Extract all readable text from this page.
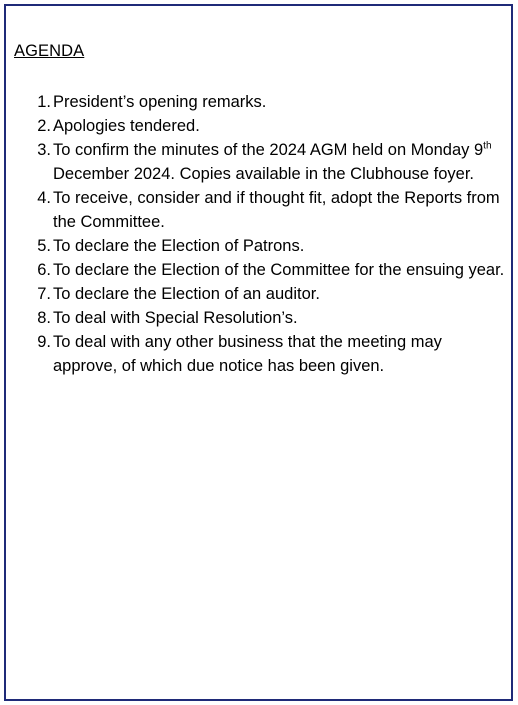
AGENDA
1 . President’s opening remarks.
2 . Apologies tendered.
3 . To confirm the minutes of the 2024 AGM held on Monday 9th December 2024. Copies available in the Clubhouse foyer.
4 . To receive, consider and if thought fit, adopt the Reports from the Committee.
5 . To declare the Election of Patrons.
6 . To declare the Election of the Committee for the ensuing year.
7 . To declare the Election of an auditor.
8 . To deal with Special Resolution’s.
9 . To deal with any other business that the meeting may approve, of which due notice has been given.
